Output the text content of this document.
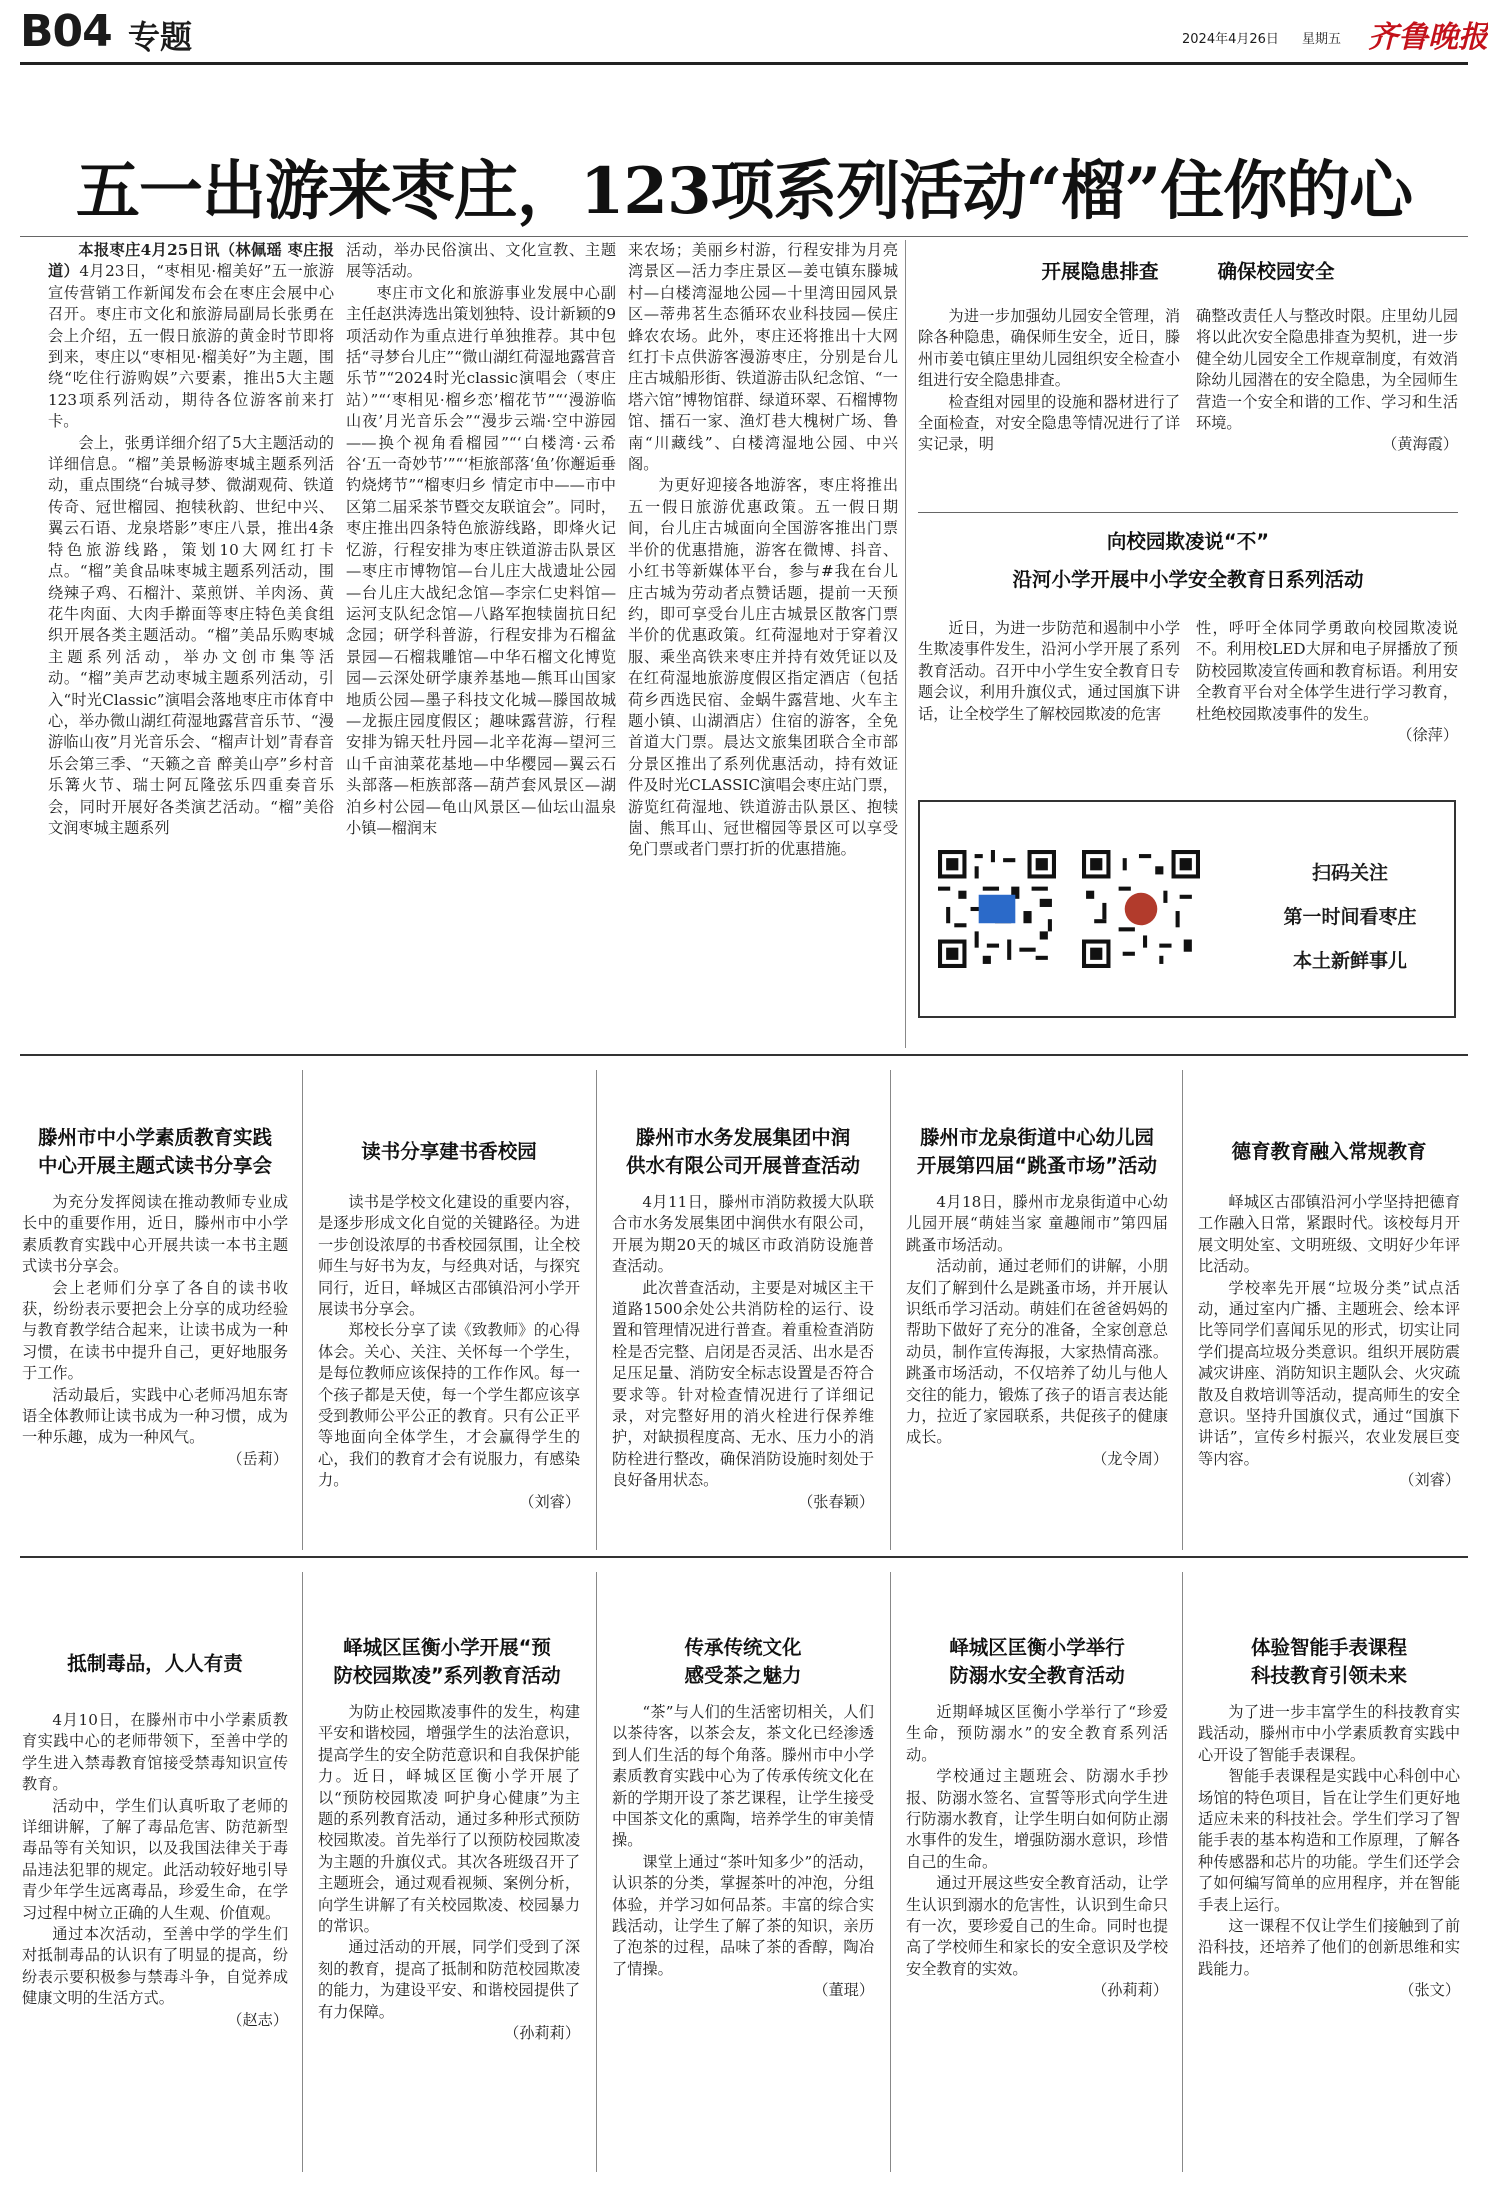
B04 专题	2024年4月26日 星期五 齐鲁晚报
五一出游来枣庄，123项系列活动“榴”住你的心

本报枣庄4月25日讯（林佩瑶 枣庄报道）4月23日，“枣相见·榴美好”五一旅游宣传营销工作新闻发布会在枣庄会展中心召开。枣庄市文化和旅游局副局长张勇在会上介绍，五一假日旅游的黄金时节即将到来，枣庄以“枣相见·榴美好”为主题，围绕“吃住行游购娱”六要素，推出5大主题123项系列活动，期待各位游客前来打卡。

会上，张勇详细介绍了5大主题活动的详细信息。“榴”美景畅游枣城主题系列活动，重点围绕“台城寻梦、微湖观荷、铁道传奇、冠世榴园、抱犊秋韵、世纪中兴、翼云石语、龙泉塔影”枣庄八景，推出4条特色旅游线路，策划10大网红打卡点。“榴”美食品味枣城主题系列活动，围绕辣子鸡、石榴汁、菜煎饼、羊肉汤、黄花牛肉面、大肉手擀面等枣庄特色美食组织开展各类主题活动。“榴”美品乐购枣城主题系列活动，举办文创市集等活动。“榴”美声艺动枣城主题系列活动，引入“时光Classic”演唱会落地枣庄市体育中心，举办微山湖红荷湿地露营音乐节、“漫游临山夜”月光音乐会、“榴声计划”青春音乐会第三季、“天籁之音 醉美山亭”乡村音乐篝火节、瑞士阿瓦隆弦乐四重奏音乐会，同时开展好各类演艺活动。“榴”美俗文润枣城主题系列

活动，举办民俗演出、文化宣教、主题展等活动。

枣庄市文化和旅游事业发展中心副主任赵洪涛选出策划独特、设计新颖的9项活动作为重点进行单独推荐。其中包括“寻梦台儿庄”“微山湖红荷湿地露营音乐节”“2024时光classic演唱会（枣庄站）”“‘枣相见·榴乡恋’榴花节”“‘漫游临山夜’月光音乐会”“漫步云端·空中游园——换个视角看榴园”“‘白楼湾·云希谷‘五一奇妙节’”“‘柜旅部落‘鱼’你邂逅垂钓烧烤节”“榴枣归乡 情定市中——市中区第二届采茶节暨交友联谊会”。同时，枣庄推出四条特色旅游线路，即烽火记忆游，行程安排为枣庄铁道游击队景区—枣庄市博物馆—台儿庄大战遗址公园—台儿庄大战纪念馆—李宗仁史料馆—运河支队纪念馆—八路军抱犊崮抗日纪念园；研学科普游，行程安排为石榴盆景园—石榴栽雕馆—中华石榴文化博览园—云深处研学康养基地—熊耳山国家地质公园—墨子科技文化城—滕国故城—龙振庄园度假区；趣味露营游，行程安排为锦天牡丹园—北辛花海—望河三山千亩油菜花基地—中华樱园—翼云石头部落—柜族部落—葫芦套风景区—湖泊乡村公园—龟山风景区—仙坛山温泉小镇—榴润末

来农场；美丽乡村游，行程安排为月亮湾景区—活力李庄景区—姜屯镇东滕城村—白楼湾湿地公园—十里湾田园风景区—蒂弗茗生态循环农业科技园—侯庄蜂农农场。此外，枣庄还将推出十大网红打卡点供游客漫游枣庄，分别是台儿庄古城船形街、铁道游击队纪念馆、“一塔六馆”博物馆群、绿道环翠、石榴博物馆、擂石一家、渔灯巷大槐树广场、鲁南“川藏线”、白楼湾湿地公园、中兴阁。

为更好迎接各地游客，枣庄将推出五一假日旅游优惠政策。五一假日期间，台儿庄古城面向全国游客推出门票半价的优惠措施，游客在微博、抖音、小红书等新媒体平台，参与#我在台儿庄古城为劳动者点赞话题，提前一天预约，即可享受台儿庄古城景区散客门票半价的优惠政策。红荷湿地对于穿着汉服、乘坐高铁来枣庄并持有效凭证以及在红荷湿地旅游度假区指定酒店（包括荷乡西选民宿、金蜗牛露营地、火车主题小镇、山湖酒店）住宿的游客，全免首道大门票。晨达文旅集团联合全市部分景区推出了系列优惠活动，持有效证件及时光CLASSIC演唱会枣庄站门票，游览红荷湿地、铁道游击队景区、抱犊崮、熊耳山、冠世榴园等景区可以享受免门票或者门票打折的优惠措施。

开展隐患排查	确保校园安全

为进一步加强幼儿园安全管理，消除各种隐患，确保师生安全，近日，滕州市姜屯镇庄里幼儿园组织安全检查小组进行安全隐患排查。

检查组对园里的设施和器材进行了全面检查，对安全隐患等情况进行了详实记录，明

确整改责任人与整改时限。庄里幼儿园将以此次安全隐患排查为契机，进一步健全幼儿园安全工作规章制度，有效消除幼儿园潜在的安全隐患，为全园师生营造一个安全和谐的工作、学习和生活环境。

（黄海霞）
向校园欺凌说“不”
沿河小学开展中小学安全教育日系列活动

近日，为进一步防范和遏制中小学生欺凌事件发生，沿河小学开展了系列教育活动。召开中小学生安全教育日专题会议，利用升旗仪式，通过国旗下讲话，让全校学生了解校园欺凌的危害

性，呼吁全体同学勇敢向校园欺凌说不。利用校LED大屏和电子屏播放了预防校园欺凌宣传画和教育标语。利用安全教育平台对全体学生进行学习教育，杜绝校园欺凌事件的发生。

（徐萍）
扫码关注
第一时间看枣庄
本土新鲜事儿
滕州市中小学素质教育实践
中心开展主题式读书分享会

为充分发挥阅读在推动教师专业成长中的重要作用，近日，滕州市中小学素质教育实践中心开展共读一本书主题式读书分享会。

会上老师们分享了各自的读书收获，纷纷表示要把会上分享的成功经验与教育教学结合起来，让读书成为一种习惯，在读书中提升自己，更好地服务于工作。

活动最后，实践中心老师冯旭东寄语全体教师让读书成为一种习惯，成为一种乐趣，成为一种风气。

（岳莉）
读书分享建书香校园

读书是学校文化建设的重要内容，是逐步形成文化自觉的关键路径。为进一步创设浓厚的书香校园氛围，让全校师生与好书为友，与经典对话，与探究同行，近日，峄城区古邵镇沿河小学开展读书分享会。

郑校长分享了读《致教师》的心得体会。关心、关注、关怀每一个学生，是每位教师应该保持的工作作风。每一个孩子都是天使，每一个学生都应该享受到教师公平公正的教育。只有公正平等地面向全体学生，才会赢得学生的心，我们的教育才会有说服力，有感染力。

（刘睿）
滕州市水务发展集团中润
供水有限公司开展普查活动

4月11日，滕州市消防救援大队联合市水务发展集团中润供水有限公司，开展为期20天的城区市政消防设施普查活动。

此次普查活动，主要是对城区主干道路1500余处公共消防栓的运行、设置和管理情况进行普查。着重检查消防栓是否完整、启闭是否灵活、出水是否足压足量、消防安全标志设置是否符合要求等。针对检查情况进行了详细记录，对完整好用的消火栓进行保养维护，对缺损程度高、无水、压力小的消防栓进行整改，确保消防设施时刻处于良好备用状态。

（张春颖）
滕州市龙泉街道中心幼儿园
开展第四届“跳蚤市场”活动

4月18日，滕州市龙泉街道中心幼儿园开展“萌娃当家 童趣闹市”第四届跳蚤市场活动。

活动前，通过老师们的讲解，小朋友们了解到什么是跳蚤市场，并开展认识纸币学习活动。萌娃们在爸爸妈妈的帮助下做好了充分的准备，全家创意总动员，制作宣传海报，大家热情高涨。跳蚤市场活动，不仅培养了幼儿与他人交往的能力，锻炼了孩子的语言表达能力，拉近了家园联系，共促孩子的健康成长。

（龙令周）
德育教育融入常规教育

峄城区古邵镇沿河小学坚持把德育工作融入日常，紧跟时代。该校每月开展文明处室、文明班级、文明好少年评比活动。

学校率先开展“垃圾分类”试点活动，通过室内广播、主题班会、绘本评比等同学们喜闻乐见的形式，切实让同学们提高垃圾分类意识。组织开展防震减灾讲座、消防知识主题队会、火灾疏散及自救培训等活动，提高师生的安全意识。坚持升国旗仪式，通过“国旗下讲话”，宣传乡村振兴，农业发展巨变等内容。

（刘睿）
抵制毒品，人人有责

4月10日，在滕州市中小学素质教育实践中心的老师带领下，至善中学的学生进入禁毒教育馆接受禁毒知识宣传教育。

活动中，学生们认真听取了老师的详细讲解，了解了毒品危害、防范新型毒品等有关知识，以及我国法律关于毒品违法犯罪的规定。此活动较好地引导青少年学生远离毒品，珍爱生命，在学习过程中树立正确的人生观、价值观。

通过本次活动，至善中学的学生们对抵制毒品的认识有了明显的提高，纷纷表示要积极参与禁毒斗争，自觉养成健康文明的生活方式。

（赵志）
峄城区匡衡小学开展“预
防校园欺凌”系列教育活动

为防止校园欺凌事件的发生，构建平安和谐校园，增强学生的法治意识，提高学生的安全防范意识和自我保护能力。近日，峄城区匡衡小学开展了以“预防校园欺凌 呵护身心健康”为主题的系列教育活动，通过多种形式预防校园欺凌。首先举行了以预防校园欺凌为主题的升旗仪式。其次各班级召开了主题班会，通过观看视频、案例分析，向学生讲解了有关校园欺凌、校园暴力的常识。

通过活动的开展，同学们受到了深刻的教育，提高了抵制和防范校园欺凌的能力，为建设平安、和谐校园提供了有力保障。

（孙莉莉）
传承传统文化
感受茶之魅力

“茶”与人们的生活密切相关，人们以茶待客，以茶会友，茶文化已经渗透到人们生活的每个角落。滕州市中小学素质教育实践中心为了传承传统文化在新的学期开设了茶艺课程，让学生接受中国茶文化的熏陶，培养学生的审美情操。

课堂上通过“茶叶知多少”的活动，认识茶的分类，掌握茶叶的冲泡，分组体验，并学习如何品茶。丰富的综合实践活动，让学生了解了茶的知识，亲历了泡茶的过程，品味了茶的香醇，陶冶了情操。

（董琨）
峄城区匡衡小学举行
防溺水安全教育活动

近期峄城区匡衡小学举行了“珍爱生命，预防溺水”的安全教育系列活动。

学校通过主题班会、防溺水手抄报、防溺水签名、宣誓等形式向学生进行防溺水教育，让学生明白如何防止溺水事件的发生，增强防溺水意识，珍惜自己的生命。

通过开展这些安全教育活动，让学生认识到溺水的危害性，认识到生命只有一次，要珍爱自己的生命。同时也提高了学校师生和家长的安全意识及学校安全教育的实效。

（孙莉莉）
体验智能手表课程
科技教育引领未来

为了进一步丰富学生的科技教育实践活动，滕州市中小学素质教育实践中心开设了智能手表课程。

智能手表课程是实践中心科创中心场馆的特色项目，旨在让学生们更好地适应未来的科技社会。学生们学习了智能手表的基本构造和工作原理，了解各种传感器和芯片的功能。学生们还学会了如何编写简单的应用程序，并在智能手表上运行。

这一课程不仅让学生们接触到了前沿科技，还培养了他们的创新思维和实践能力。

（张文）
